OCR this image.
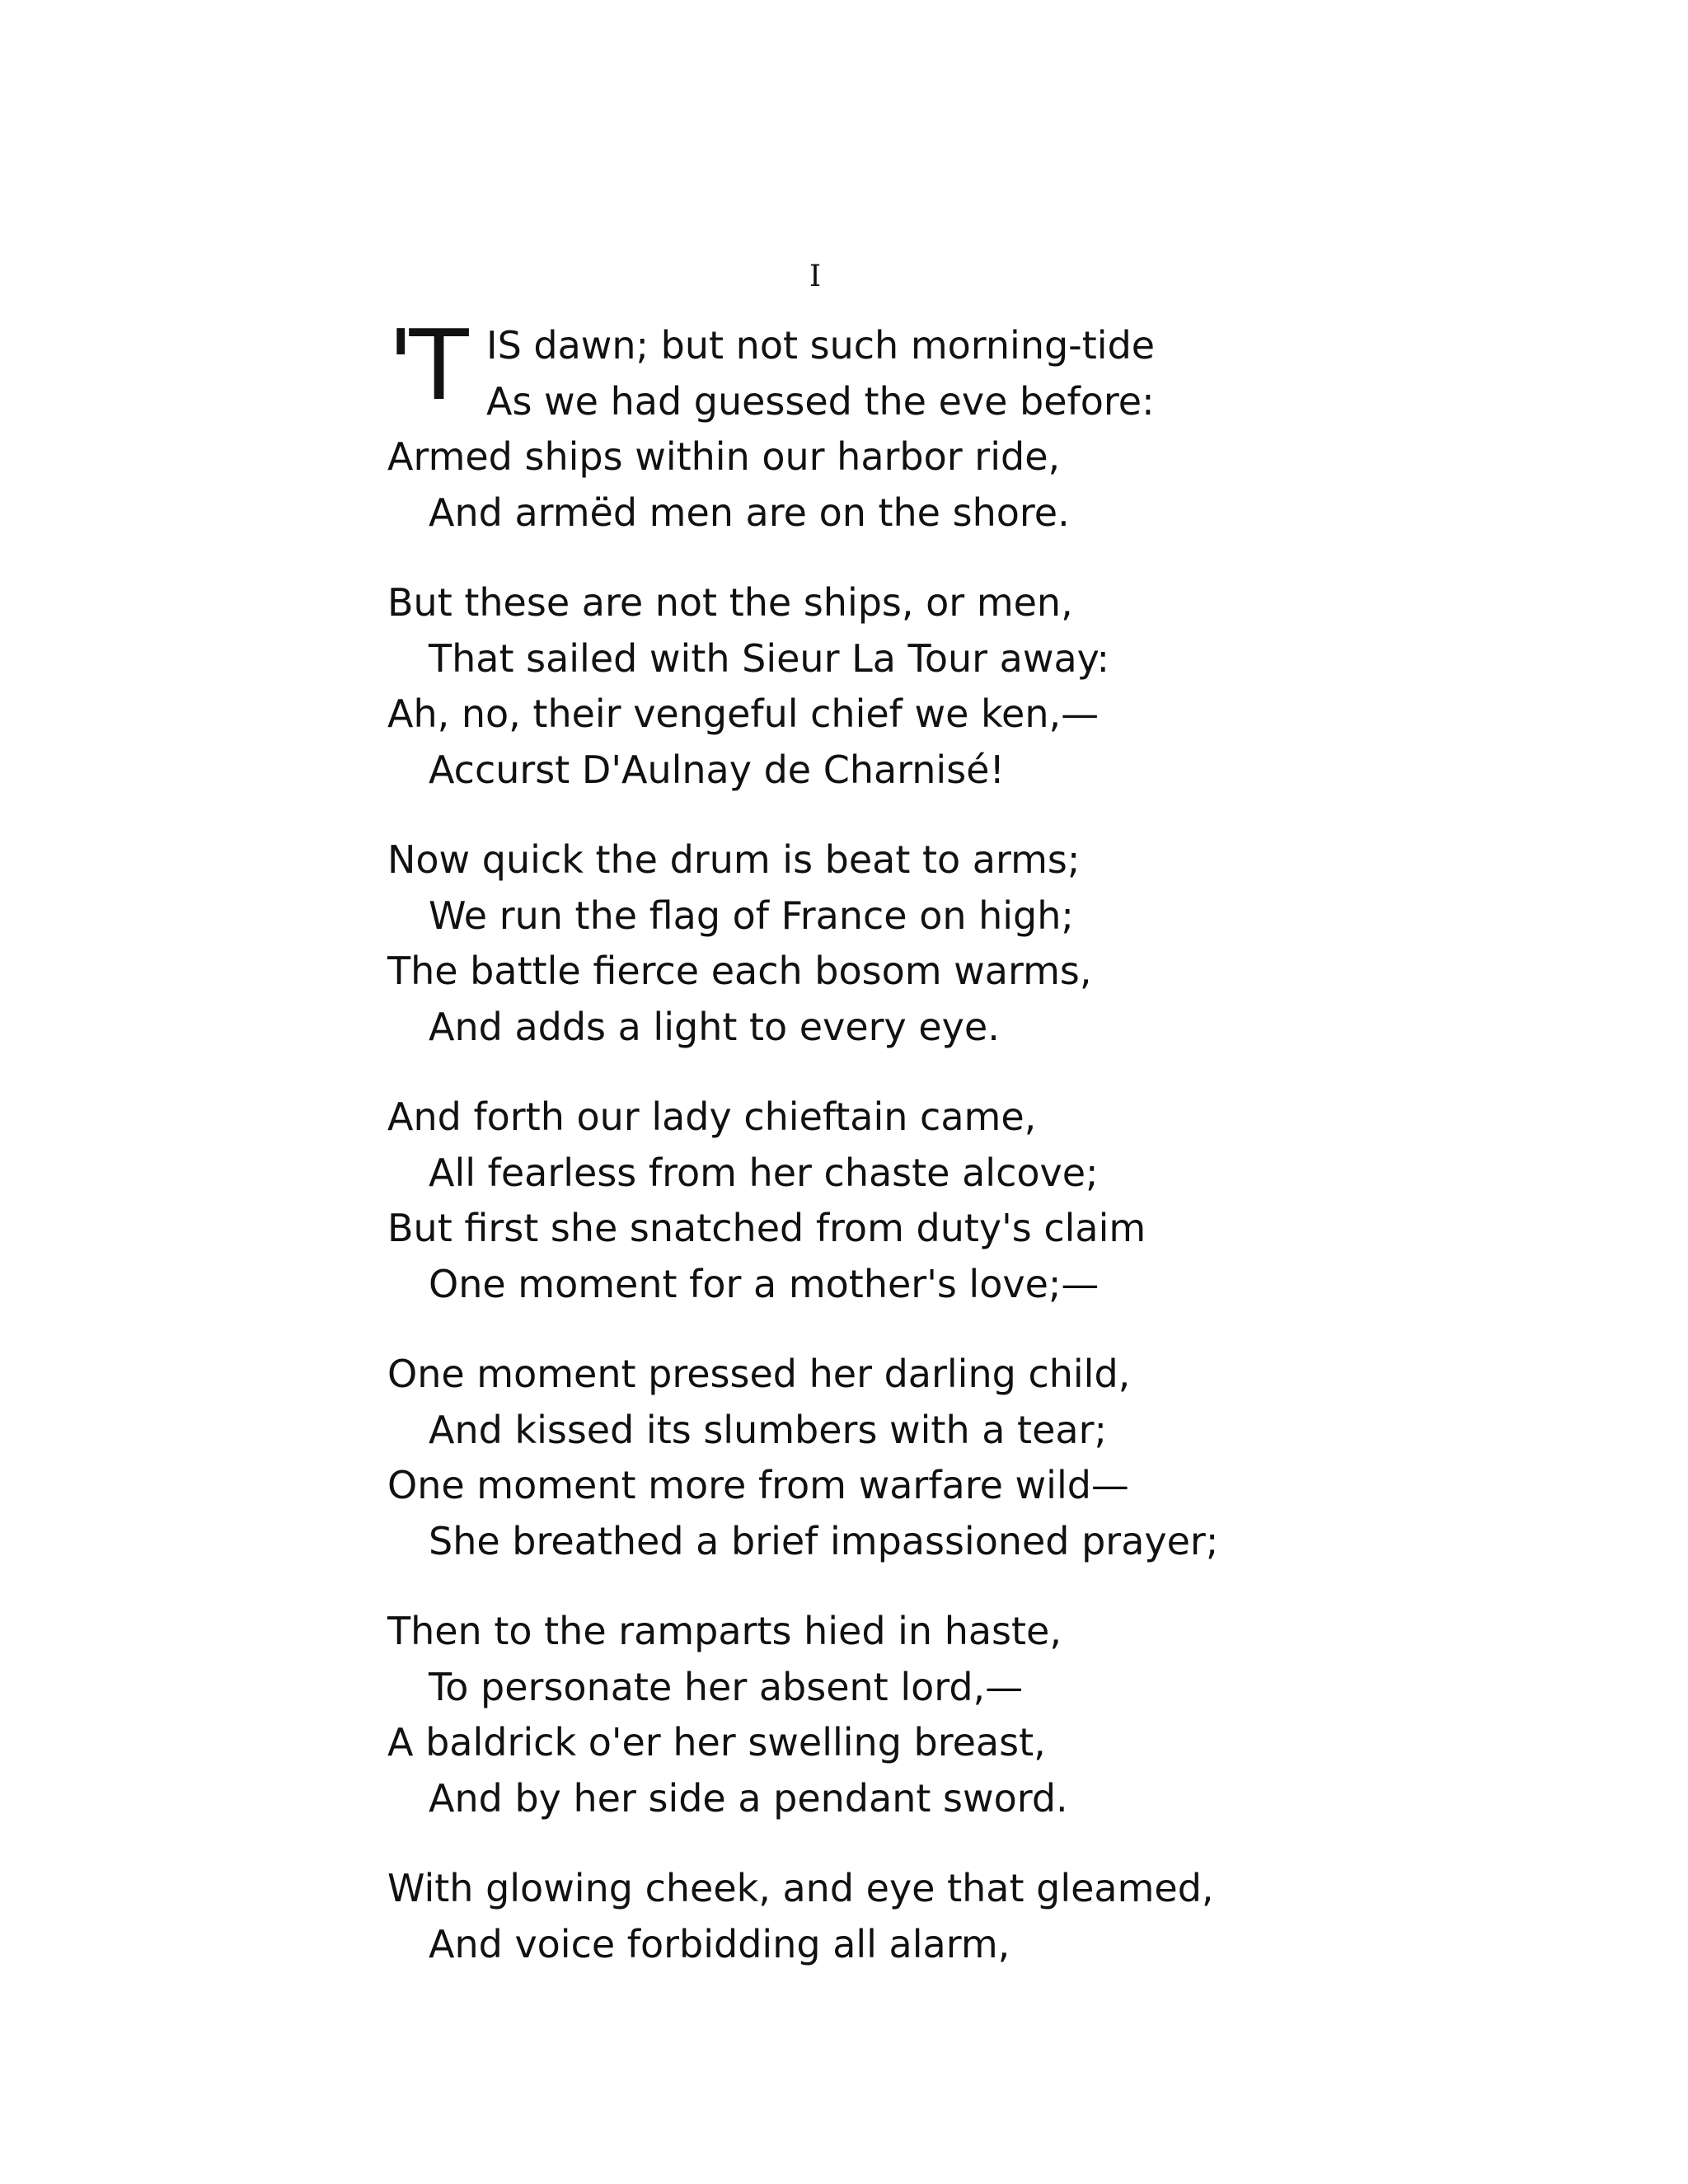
I
'T IS dawn; but not such morning-tide
As we had guessed the eve before:
Armed ships within our harbor ride,
And armëd men are on the shore.
But these are not the ships, or men,
That sailed with Sieur La Tour away:
Ah, no, their vengeful chief we ken,—
Accurst D'Aulnay de Charnisé!
Now quick the drum is beat to arms;
We run the flag of France on high;
The battle fierce each bosom warms,
And adds a light to every eye.
And forth our lady chieftain came,
All fearless from her chaste alcove;
But first she snatched from duty's claim
One moment for a mother's love;—
One moment pressed her darling child,
And kissed its slumbers with a tear;
One moment more from warfare wild—
She breathed a brief impassioned prayer;
Then to the ramparts hied in haste,
To personate her absent lord,—
A baldrick o'er her swelling breast,
And by her side a pendant sword.
With glowing cheek, and eye that gleamed,
And voice forbidding all alarm,
